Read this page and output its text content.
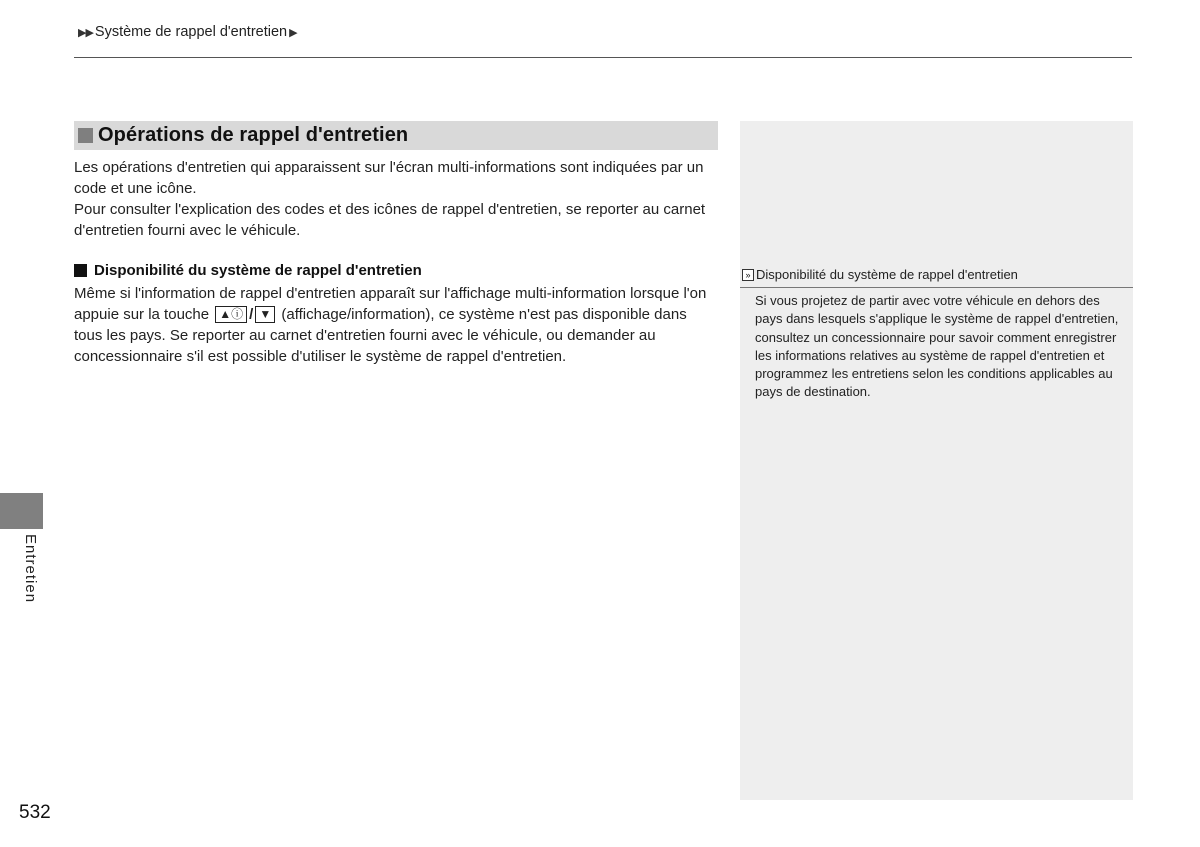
▶▶ Système de rappel d'entretien ▶
Opérations de rappel d'entretien

Les opérations d'entretien qui apparaissent sur l'écran multi-informations sont indiquées par un code et une icône.

Pour consulter l'explication des codes et des icônes de rappel d'entretien, se reporter au carnet d'entretien fourni avec le véhicule.

Disponibilité du système de rappel d'entretien
Même si l'information de rappel d'entretien apparaît sur l'affichage multi-information lorsque l'on appuie sur la touche ▲ⓘ / ▼ (affichage/information), ce système n'est pas disponible dans tous les pays. Se reporter au carnet d'entretien fourni avec le véhicule, ou demander au concessionnaire s'il est possible d'utiliser le système de rappel d'entretien.
» Disponibilité du système de rappel d'entretien

Si vous projetez de partir avec votre véhicule en dehors des pays dans lesquels s'applique le système de rappel d'entretien, consultez un concessionnaire pour savoir comment enregistrer les informations relatives au système de rappel d'entretien et programmez les entretiens selon les conditions applicables au pays de destination.

Entretien
532
